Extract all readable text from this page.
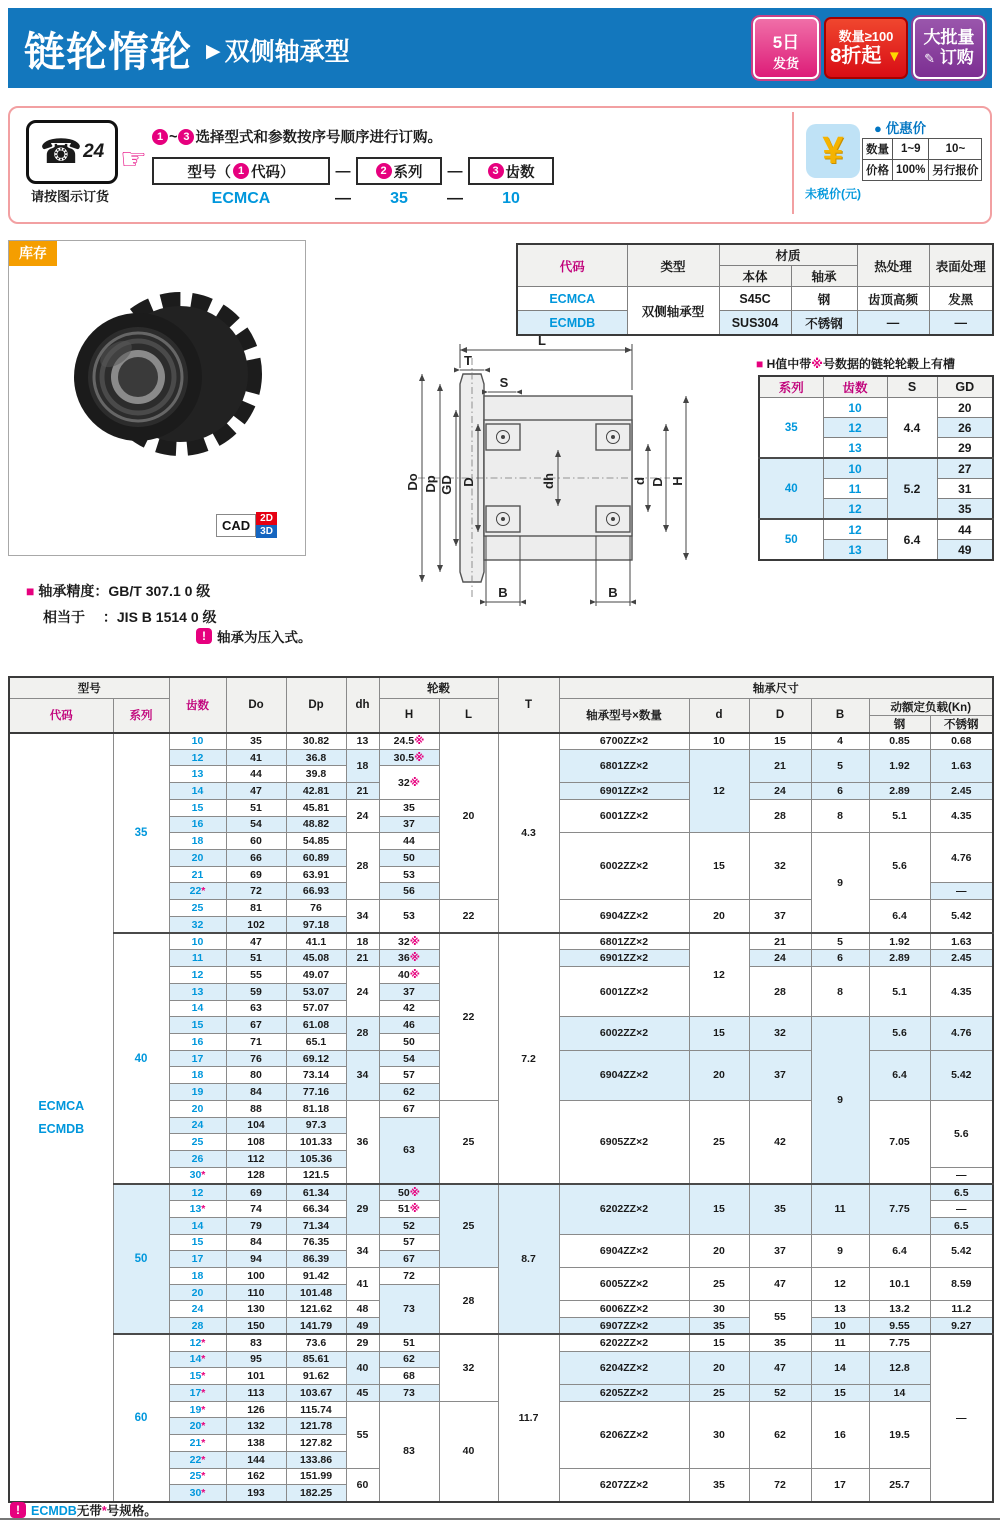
链轮惰轮 ▶ 双侧轴承型	5日
发货
数量≥100
8折起 ▼
大批量
✎ 订购
☎ 24
请按图示订货
☞
1 ~ 3 选择型式和参数按序号顺序进行订购。
型号（ 1 代码）	—	2 系列	—	3 齿数
ECMCA	—	35	—	10
¥
未税价(元)
● 优惠价
数量	1~9	10~
价格	100%	另行报价
库存
CAD	2D
3D
■ 轴承精度：GB/T 307.1 0 级
相当于　 ：JIS B 1514 0 级
代码	类型	材质		热处理	表面处理
		本体	轴承		
ECMCA	双侧轴承型	S45C	钢	齿顶高频	发黑
ECMDB		SUS304	不锈钢	—	—
L
T
S
Do Dp GD D	dh	d D H
B	B
! 轴承为压入式。
■ H值中带※号数据的链轮轮毂上有槽
系列	齿数	S	GD
35	10	4.4	20
	12		26
	13		29
40	10	5.2	27
	11		31
	12		35
50	12	6.4	44
	13		49
型号		齿数	Do	Dp	dh	轮毂		T	轴承尺寸					
代码	系列					H	L		轴承型号×数量	d	D	B	动额定负载(Kn)	
													钢	不锈钢

ECMCA
ECMDB	35	10	35	30.82	13	24.5※	20	4.3	6700ZZ×2	10	15	4	0.85	0.68
		12	41	36.8	18	30.5※			6801ZZ×2	12	21	5	1.92	1.63
		13	44	39.8		32※								
		14	47	42.81	21				6901ZZ×2		24	6	2.89	2.45
		15	51	45.81	24	35			6001ZZ×2		28	8	5.1	4.35
		16	54	48.82		37								
		18	60	54.85	28	44			6002ZZ×2	15	32	9	5.6	4.76
		20	66	60.89		50								
		21	69	63.91		53								
		22*	72	66.93		56								—
		25	81	76	34	53	22		6904ZZ×2	20	37		6.4	5.42
		32	102	97.18										
	40	10	47	41.1	18	32※	22	7.2	6801ZZ×2	12	21	5	1.92	1.63
		11	51	45.08	21	36※			6901ZZ×2		24	6	2.89	2.45
		12	55	49.07	24	40※			6001ZZ×2		28	8	5.1	4.35
		13	59	53.07		37								
		14	63	57.07		42								
		15	67	61.08	28	46			6002ZZ×2	15	32	9	5.6	4.76
		16	71	65.1		50								
		17	76	69.12	34	54			6904ZZ×2	20	37		6.4	5.42
		18	80	73.14		57								
		19	84	77.16		62								
		20	88	81.18	36	67	25		6905ZZ×2	25	42		7.05	5.6
		24	104	97.3		63								
		25	108	101.33										
		26	112	105.36										
		30*	128	121.5										—
	50	12	69	61.34	29	50※	25	8.7	6202ZZ×2	15	35	11	7.75	6.5
		13*	74	66.34		51※								—
		14	79	71.34		52								6.5
		15	84	76.35	34	57			6904ZZ×2	20	37	9	6.4	5.42
		17	94	86.39		67								
		18	100	91.42	41	72	28		6005ZZ×2	25	47	12	10.1	8.59
		20	110	101.48		73								
		24	130	121.62	48				6006ZZ×2	30	55	13	13.2	11.2
		28	150	141.79	49				6907ZZ×2	35		10	9.55	9.27
	60	12*	83	73.6	29	51	32	11.7	6202ZZ×2	15	35	11	7.75	—
		14*	95	85.61	40	62			6204ZZ×2	20	47	14	12.8	
		15*	101	91.62		68								
		17*	113	103.67	45	73			6205ZZ×2	25	52	15	14	
		19*	126	115.74	55	83	40		6206ZZ×2	30	62	16	19.5	
		20*	132	121.78										
		21*	138	127.82										
		22*	144	133.86										
		25*	162	151.99	60				6207ZZ×2	35	72	17	25.7	
		30*	193	182.25										
! ECMDB无带*号规格。
